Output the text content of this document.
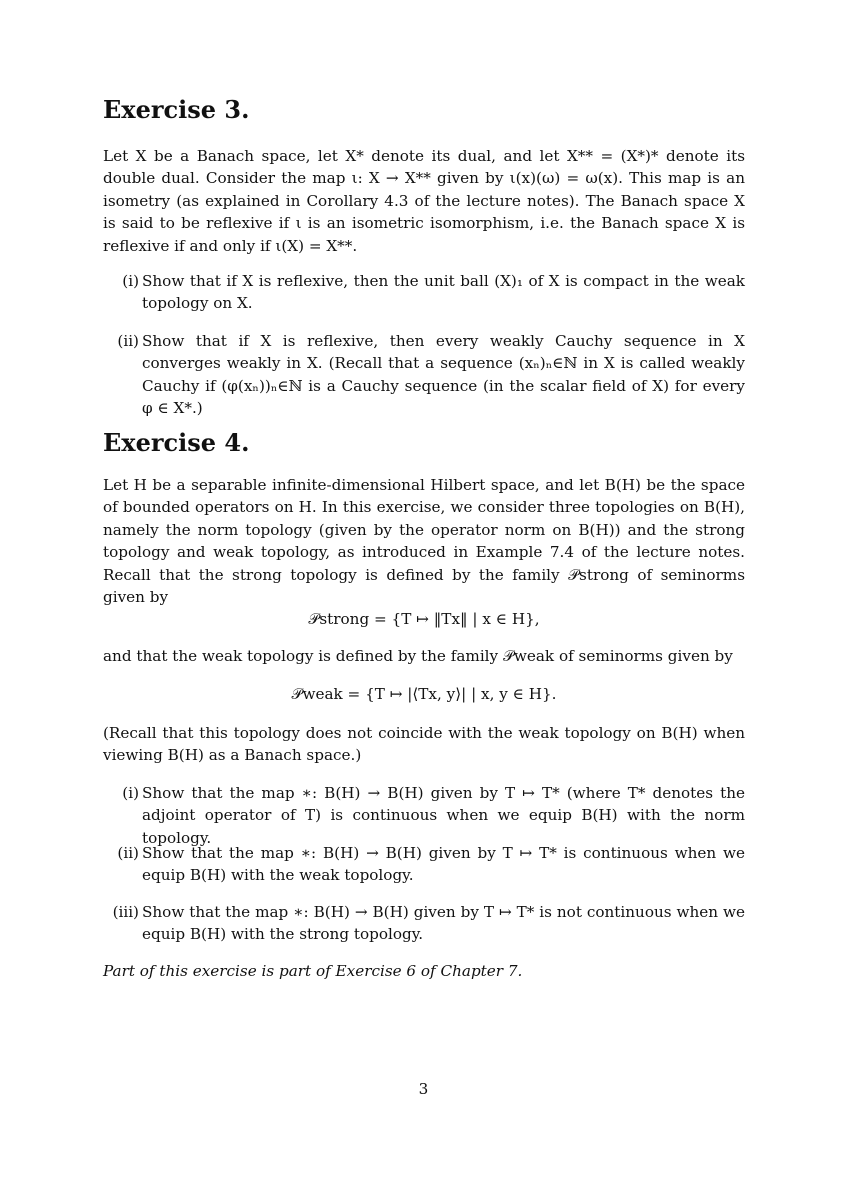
Exercise 3.

Let X be a Banach space, let X* denote its dual, and let X** = (X*)* denote its double dual. Consider the map ι: X → X** given by ι(x)(ω) = ω(x). This map is an isometry (as explained in Corollary 4.3 of the lecture notes). The Banach space X is said to be reflexive if ι is an isometric isomorphism, i.e. the Banach space X is reflexive if and only if ι(X) = X**.

(i) Show that if X is reflexive, then the unit ball (X)₁ of X is compact in the weak topology on X.
(ii) Show that if X is reflexive, then every weakly Cauchy sequence in X converges weakly in X. (Recall that a sequence (xₙ)ₙ∈ℕ in X is called weakly Cauchy if (φ(xₙ))ₙ∈ℕ is a Cauchy sequence (in the scalar field of X) for every φ ∈ X*.)
Exercise 4.

Let H be a separable infinite-dimensional Hilbert space, and let B(H) be the space of bounded operators on H. In this exercise, we consider three topologies on B(H), namely the norm topology (given by the operator norm on B(H)) and the strong topology and weak topology, as introduced in Example 7.4 of the lecture notes. Recall that the strong topology is defined by the family 𝒫strong of seminorms given by

𝒫strong = {T ↦ ‖Tx‖ | x ∈ H},

and that the weak topology is defined by the family 𝒫weak of seminorms given by

𝒫weak = {T ↦ |⟨Tx, y⟩| | x, y ∈ H}.

(Recall that this topology does not coincide with the weak topology on B(H) when viewing B(H) as a Banach space.)

(i) Show that the map ∗: B(H) → B(H) given by T ↦ T* (where T* denotes the adjoint operator of T) is continuous when we equip B(H) with the norm topology.
(ii) Show that the map ∗: B(H) → B(H) given by T ↦ T* is continuous when we equip B(H) with the weak topology.
(iii) Show that the map ∗: B(H) → B(H) given by T ↦ T* is not continuous when we equip B(H) with the strong topology.
Part of this exercise is part of Exercise 6 of Chapter 7.
3
